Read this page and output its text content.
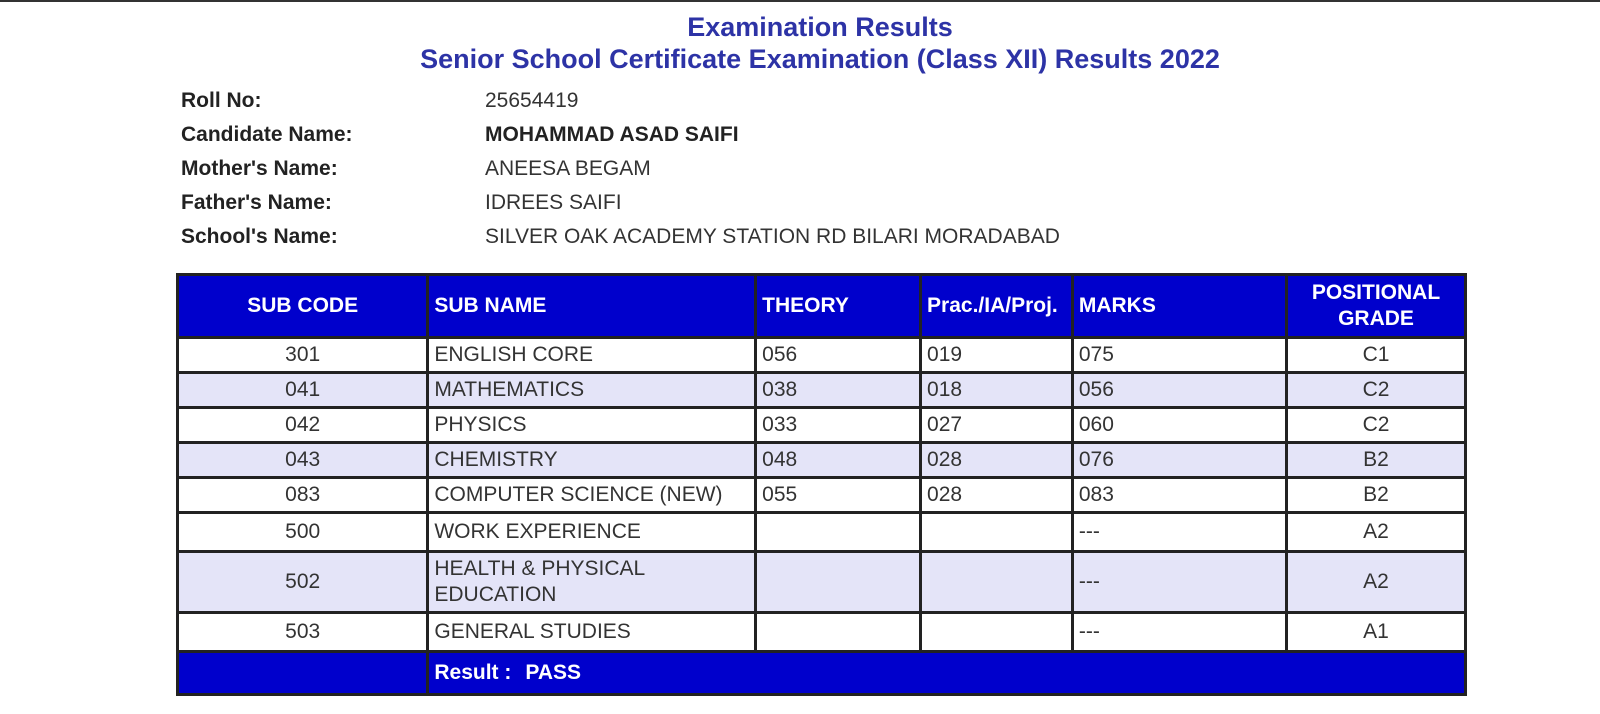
Examination Results
Senior School Certificate Examination (Class XII) Results 2022
Roll No:	25654419
Candidate Name:	MOHAMMAD ASAD SAIFI
Mother's Name:	ANEESA BEGAM
Father's Name:	IDREES SAIFI
School's Name:	SILVER OAK ACADEMY STATION RD BILARI MORADABAD
SUB CODE	SUB NAME	THEORY	Prac./IA/Proj.	MARKS	POSITIONAL GRADE
301	ENGLISH CORE	056	019	075	C1
041	MATHEMATICS	038	018	056	C2
042	PHYSICS	033	027	060	C2
043	CHEMISTRY	048	028	076	B2
083	COMPUTER SCIENCE (NEW)	055	028	083	B2
500	WORK EXPERIENCE			---	A2
502	HEALTH & PHYSICAL EDUCATION			---	A2
503	GENERAL STUDIES			---	A1
	Result : PASS				
